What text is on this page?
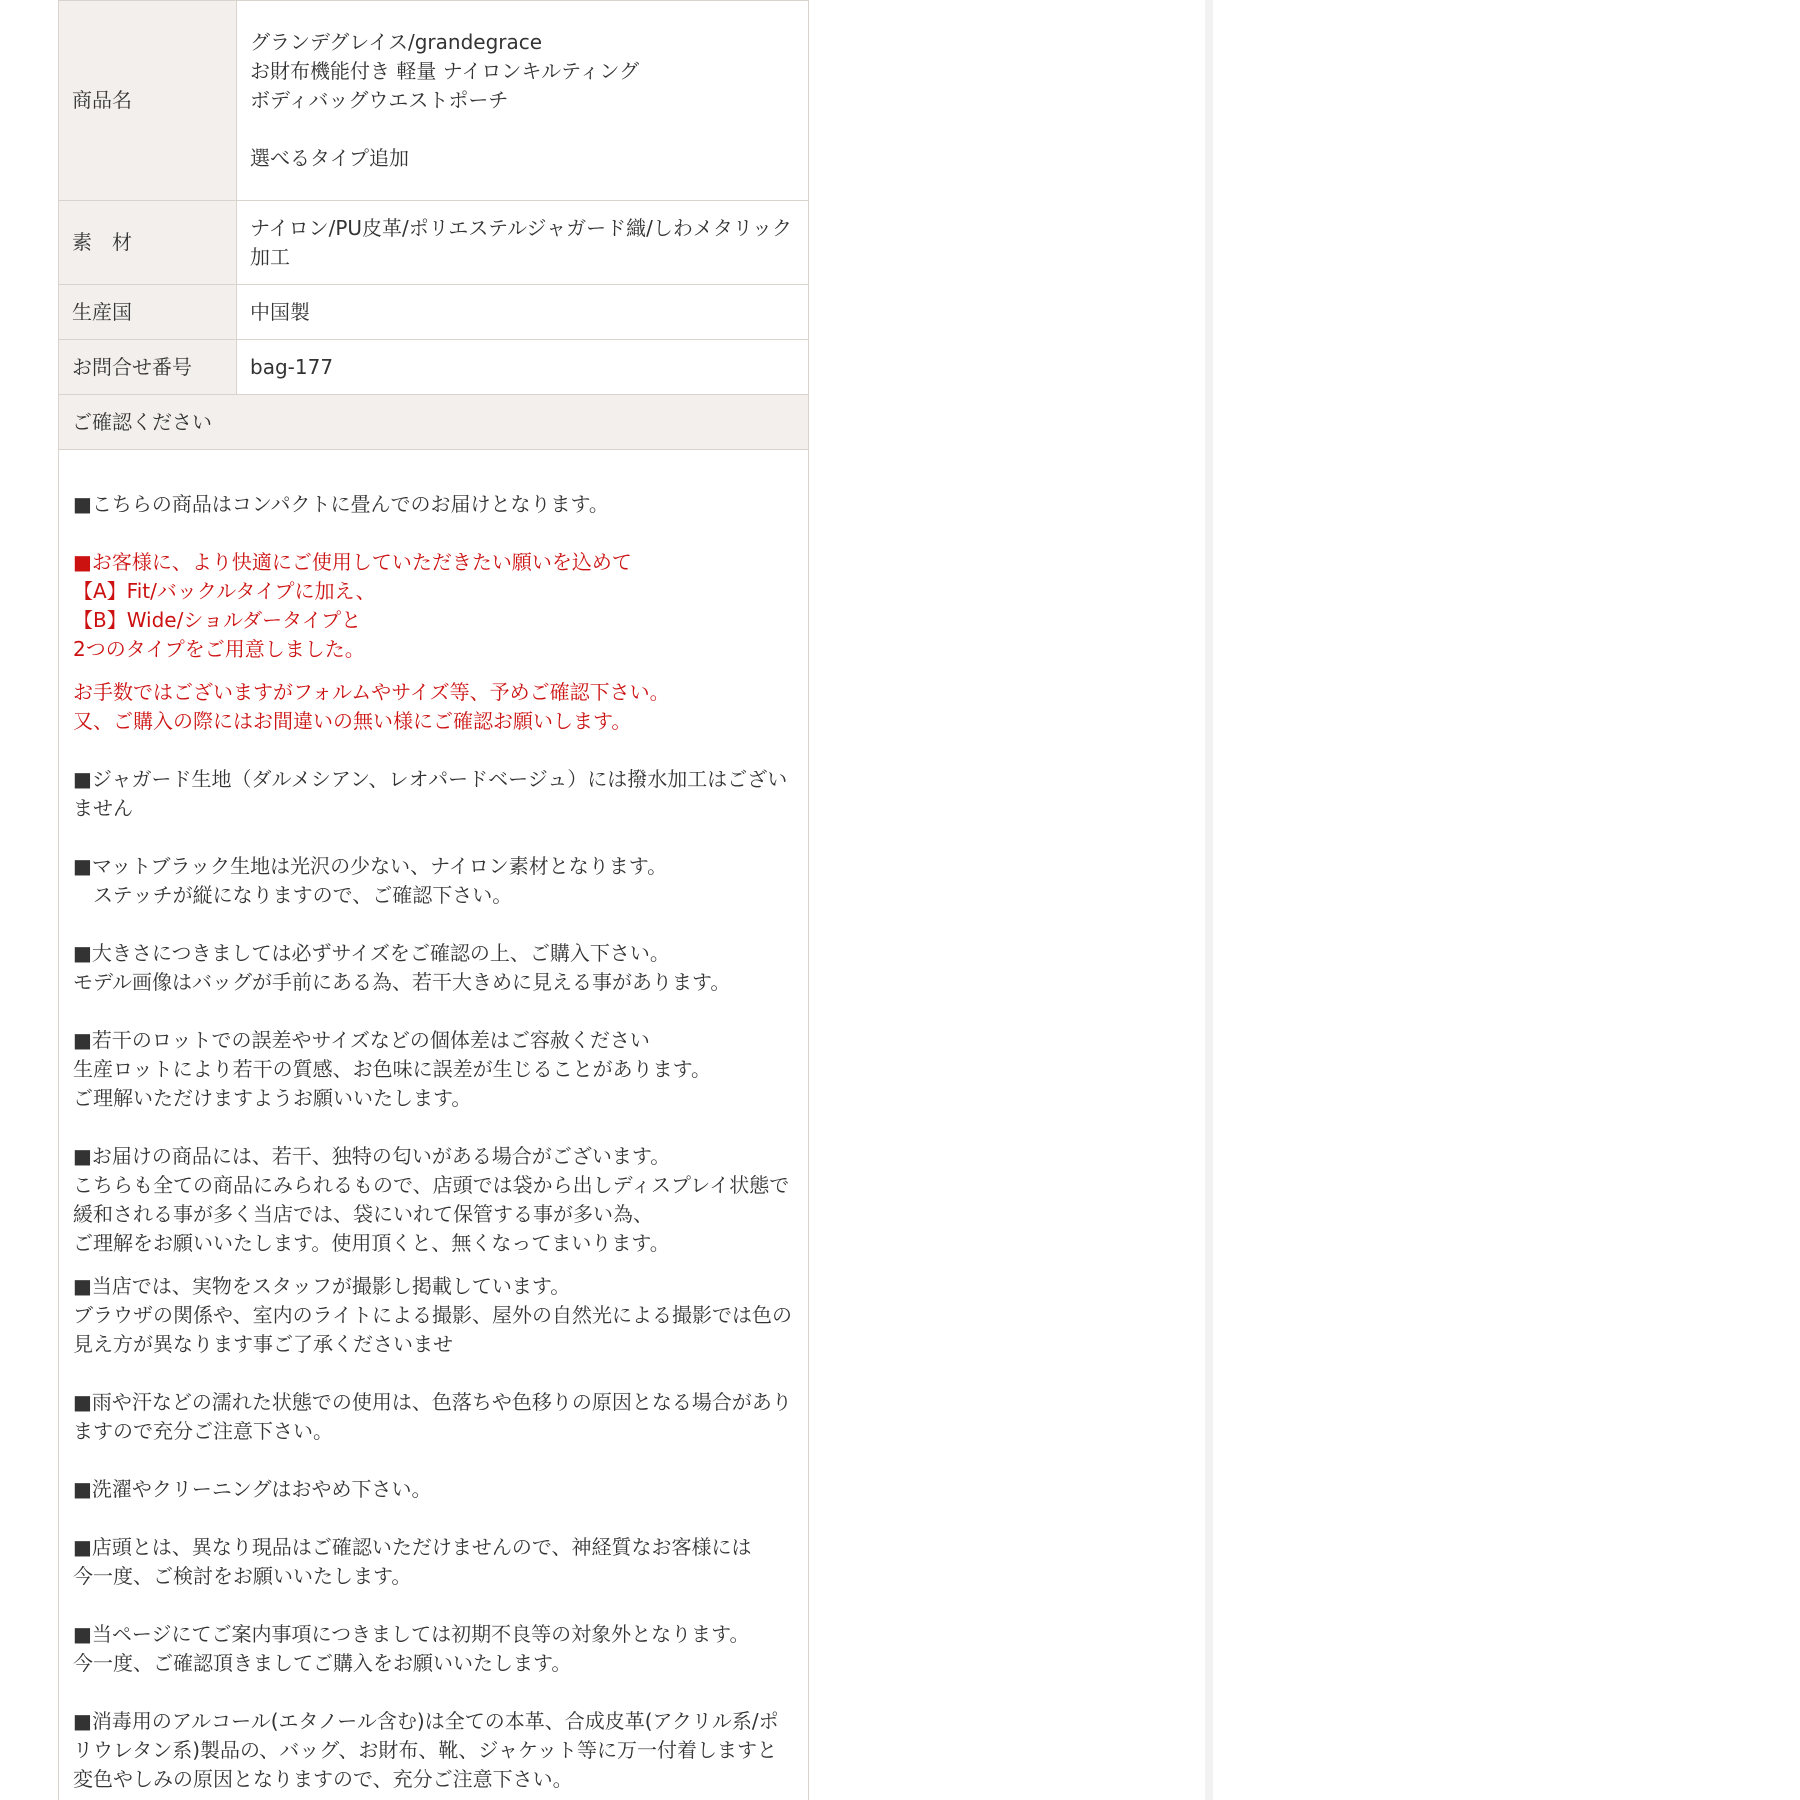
商品名	グランデグレイス/grandegrace
お財布機能付き 軽量 ナイロンキルティング
ボディバッグウエストポーチ
選べるタイプ追加

素　材	ナイロン/PU皮革/ポリエステルジャガード織/しわメタリック加工
生産国	中国製
お問合せ番号	bag-177
ご確認ください	

■こちらの商品はコンパクトに畳んでのお届けとなります。

■お客様に、より快適にご使用していただきたい願いを込めて
【A】Fit/バックルタイプに加え、
【B】Wide/ショルダータイプと
2つのタイプをご用意しました。

お手数ではございますがフォルムやサイズ等、予めご確認下さい。
又、ご購入の際にはお間違いの無い様にご確認お願いします。

■ジャガード生地（ダルメシアン、レオパードベージュ）には撥水加工はございません

■マットブラック生地は光沢の少ない、ナイロン素材となります。
　ステッチが縦になりますので、ご確認下さい。

■大きさにつきましては必ずサイズをご確認の上、ご購入下さい。
モデル画像はバッグが手前にある為、若干大きめに見える事があります。

■若干のロットでの誤差やサイズなどの個体差はご容赦ください
生産ロットにより若干の質感、お色味に誤差が生じることがあります。
ご理解いただけますようお願いいたします。

■お届けの商品には、若干、独特の匂いがある場合がございます。
こちらも全ての商品にみられるもので、店頭では袋から出しディスプレイ状態で緩和される事が多く当店では、袋にいれて保管する事が多い為、
ご理解をお願いいたします。使用頂くと、無くなってまいります。

■当店では、実物をスタッフが撮影し掲載しています。
ブラウザの関係や、室内のライトによる撮影、屋外の自然光による撮影では色の見え方が異なります事ご了承くださいませ

■雨や汗などの濡れた状態での使用は、色落ちや色移りの原因となる場合がありますので充分ご注意下さい。

■洗濯やクリーニングはおやめ下さい。

■店頭とは、異なり現品はご確認いただけませんので、神経質なお客様には
今一度、ご検討をお願いいたします。

■当ページにてご案内事項につきましては初期不良等の対象外となります。
今一度、ご確認頂きましてご購入をお願いいたします。

■消毒用のアルコール(エタノール含む)は全ての本革、合成皮革(アクリル系/ポリウレタン系)製品の、バッグ、お財布、靴、ジャケット等に万一付着しますと変色やしみの原因となりますので、充分ご注意下さい。
